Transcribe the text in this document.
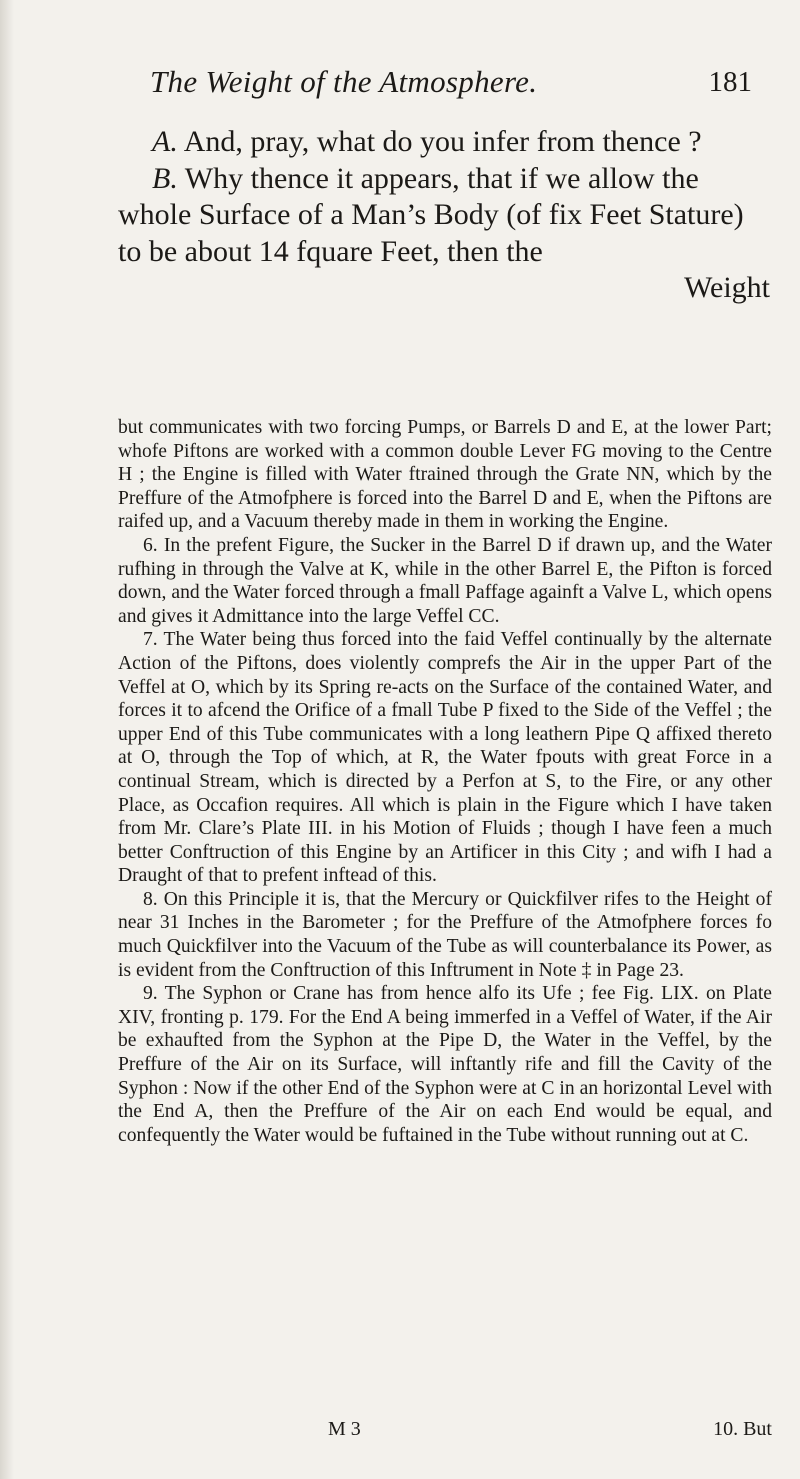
The Weight of the Atmosphere.	181

A. And, pray, what do you infer from thence ?

B. Why thence it appears, that if we allow the whole Surface of a Man’s Body (of fix Feet Stature) to be about 14 fquare Feet, then the

Weight

but communicates with two forcing Pumps, or Barrels D and E, at the lower Part; whofe Piftons are worked with a common double Lever FG moving to the Centre H ; the Engine is filled with Water ftrained through the Grate NN, which by the Preffure of the Atmofphere is forced into the Barrel D and E, when the Piftons are raifed up, and a Vacuum thereby made in them in working the Engine.

6. In the prefent Figure, the Sucker in the Barrel D if drawn up, and the Water rufhing in through the Valve at K, while in the other Barrel E, the Pifton is forced down, and the Water forced through a fmall Paffage againft a Valve L, which opens and gives it Admittance into the large Veffel CC.

7. The Water being thus forced into the faid Veffel continually by the alternate Action of the Piftons, does violently comprefs the Air in the upper Part of the Veffel at O, which by its Spring re-acts on the Surface of the contained Water, and forces it to afcend the Orifice of a fmall Tube P fixed to the Side of the Veffel ; the upper End of this Tube communicates with a long leathern Pipe Q affixed thereto at O, through the Top of which, at R, the Water fpouts with great Force in a continual Stream, which is directed by a Perfon at S, to the Fire, or any other Place, as Occafion requires. All which is plain in the Figure which I have taken from Mr. Clare’s Plate III. in his Motion of Fluids ; though I have feen a much better Conftruction of this Engine by an Artificer in this City ; and wifh I had a Draught of that to prefent inftead of this.

8. On this Principle it is, that the Mercury or Quickfilver rifes to the Height of near 31 Inches in the Barometer ; for the Preffure of the Atmofphere forces fo much Quickfilver into the Vacuum of the Tube as will counterbalance its Power, as is evident from the Conftruction of this Inftrument in Note ‡ in Page 23.

9. The Syphon or Crane has from hence alfo its Ufe ; fee Fig. LIX. on Plate XIV, fronting p. 179. For the End A being immerfed in a Veffel of Water, if the Air be exhaufted from the Syphon at the Pipe D, the Water in the Veffel, by the Preffure of the Air on its Surface, will inftantly rife and fill the Cavity of the Syphon : Now if the other End of the Syphon were at C in an horizontal Level with the End A, then the Preffure of the Air on each End would be equal, and confequently the Water would be fuftained in the Tube without running out at C.

M 3	10. But
